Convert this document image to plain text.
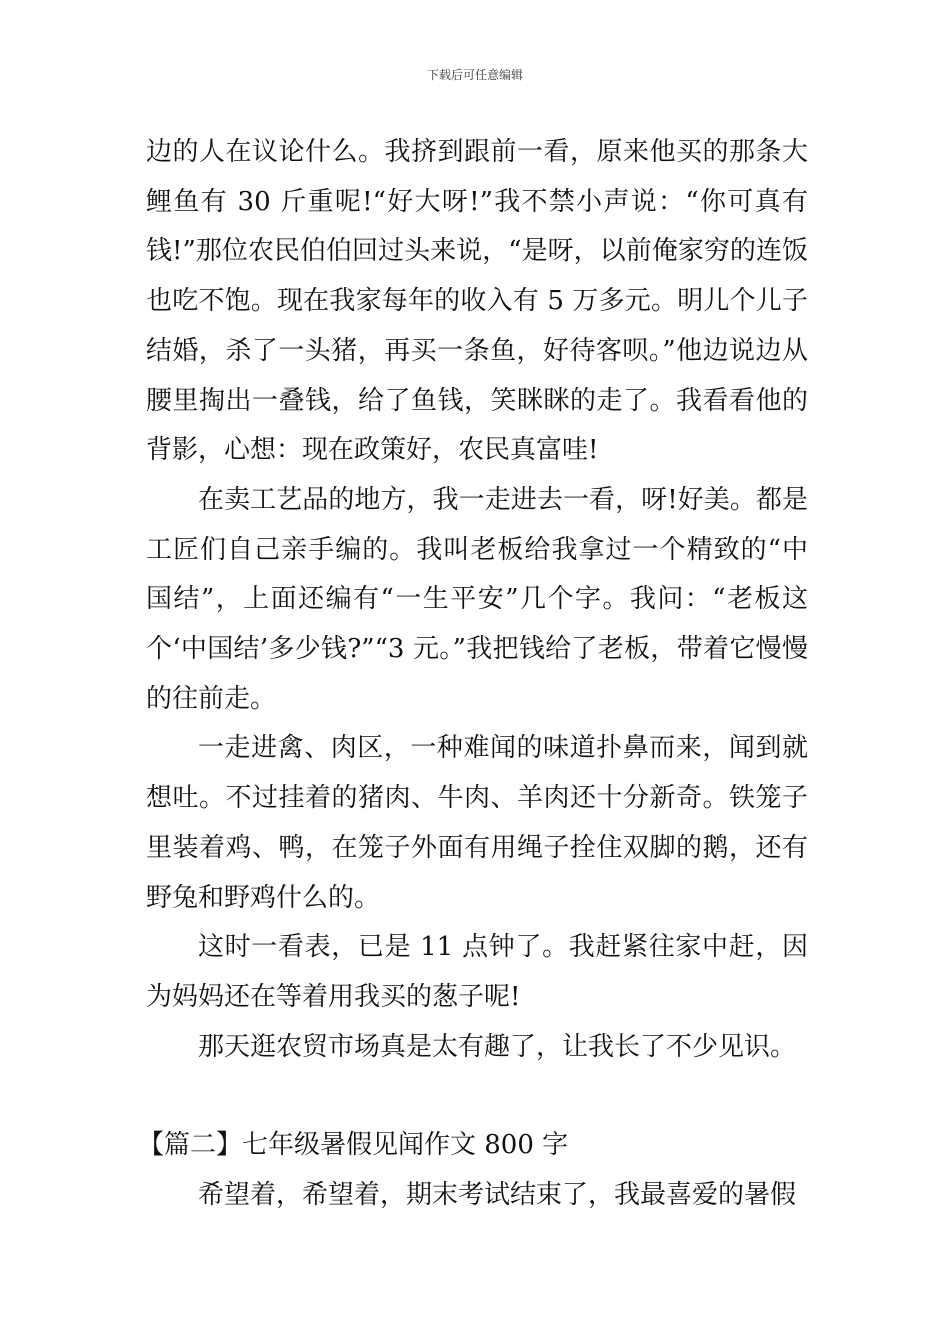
下载后可任意编辑

边的人在议论什么。我挤到跟前一看，原来他买的那条大鲤鱼有 30 斤重呢!“好大呀!”我不禁小声说：“你可真有钱!”那位农民伯伯回过头来说，“是呀，以前俺家穷的连饭也吃不饱。现在我家每年的收入有 5 万多元。明儿个儿子结婚，杀了一头猪，再买一条鱼，好待客呗。”他边说边从腰里掏出一叠钱，给了鱼钱，笑眯眯的走了。我看看他的背影，心想：现在政策好，农民真富哇!

在卖工艺品的地方，我一走进去一看，呀!好美。都是工匠们自己亲手编的。我叫老板给我拿过一个精致的“中国结”，上面还编有“一生平安”几个字。我问：“老板这个‘中国结’多少钱?”“3 元。”我把钱给了老板，带着它慢慢的往前走。

一走进禽、肉区，一种难闻的味道扑鼻而来，闻到就想吐。不过挂着的猪肉、牛肉、羊肉还十分新奇。铁笼子里装着鸡、鸭，在笼子外面有用绳子拴住双脚的鹅，还有野兔和野鸡什么的。

这时一看表，已是 11 点钟了。我赶紧往家中赶，因为妈妈还在等着用我买的葱子呢!

那天逛农贸市场真是太有趣了，让我长了不少见识。

【篇二】七年级暑假见闻作文 800 字

希望着，希望着，期末考试结束了，我最喜爱的暑假
